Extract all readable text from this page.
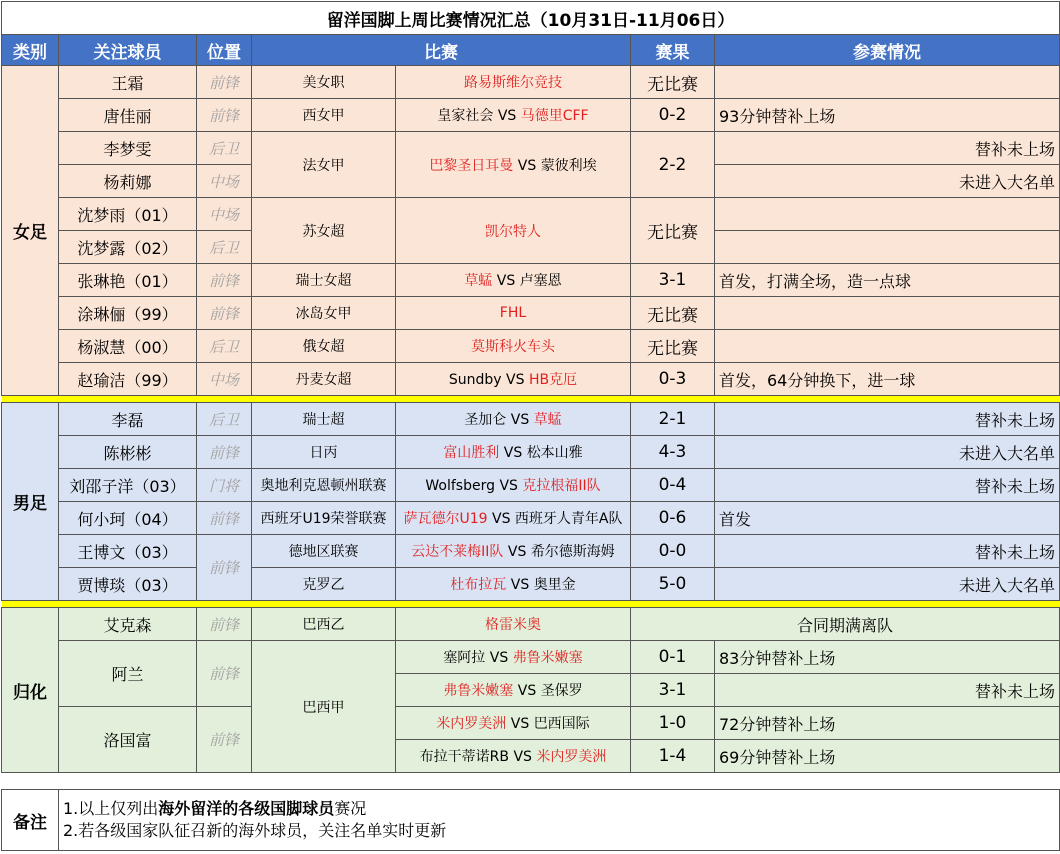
留洋国脚上周比赛情况汇总（10月31日-11月06日）						
类别	关注球员	位置	比赛		赛果	参赛情况
女足	王霜	前锋	美女职	路易斯维尔竞技	无比赛	
	唐佳丽	前锋	西女甲	皇家社会 VS 马德里CFF	0-2	93分钟替补上场
	李梦雯	后卫	法女甲	巴黎圣日耳曼 VS 蒙彼利埃	2-2	替补未上场
	杨莉娜	中场				未进入大名单
	沈梦雨（01）	中场	苏女超	凯尔特人	无比赛	
	沈梦露（02）	后卫				
	张琳艳（01）	前锋	瑞士女超	草蜢 VS 卢塞恩	3-1	首发，打满全场，造一点球
	涂琳俪（99）	前锋	冰岛女甲	FHL	无比赛	
	杨淑慧（00）	后卫	俄女超	莫斯科火车头	无比赛	
	赵瑜洁（99）	中场	丹麦女超	Sundby VS HB克厄	0-3	首发，64分钟换下，进一球

男足	李磊	后卫	瑞士超	圣加仑 VS 草蜢	2-1	替补未上场
	陈彬彬	前锋	日丙	富山胜利 VS 松本山雅	4-3	未进入大名单
	刘邵子洋（03）	门将	奥地利克恩顿州联赛	Wolfsberg VS 克拉根福II队	0-4	替补未上场
	何小珂（04）	前锋	西班牙U19荣誉联赛	萨瓦德尔U19 VS 西班牙人青年A队	0-6	首发
	王博文（03）	前锋	德地区联赛	云达不莱梅II队 VS 希尔德斯海姆	0-0	替补未上场
	贾博琰（03）		克罗乙	杜布拉瓦 VS 奥里金	5-0	未进入大名单

归化	艾克森	前锋	巴西乙	格雷米奥	合同期满离队	
	阿兰	前锋	巴西甲	塞阿拉 VS 弗鲁米嫩塞	0-1	83分钟替补上场
				弗鲁米嫩塞 VS 圣保罗	3-1	替补未上场
	洛国富	前锋		米内罗美洲 VS 巴西国际	1-0	72分钟替补上场
				布拉干蒂诺RB VS 米内罗美洲	1-4	69分钟替补上场

备注	1.以上仅列出海外留洋的各级国脚球员赛况
2.若各级国家队征召新的海外球员，关注名单实时更新					
